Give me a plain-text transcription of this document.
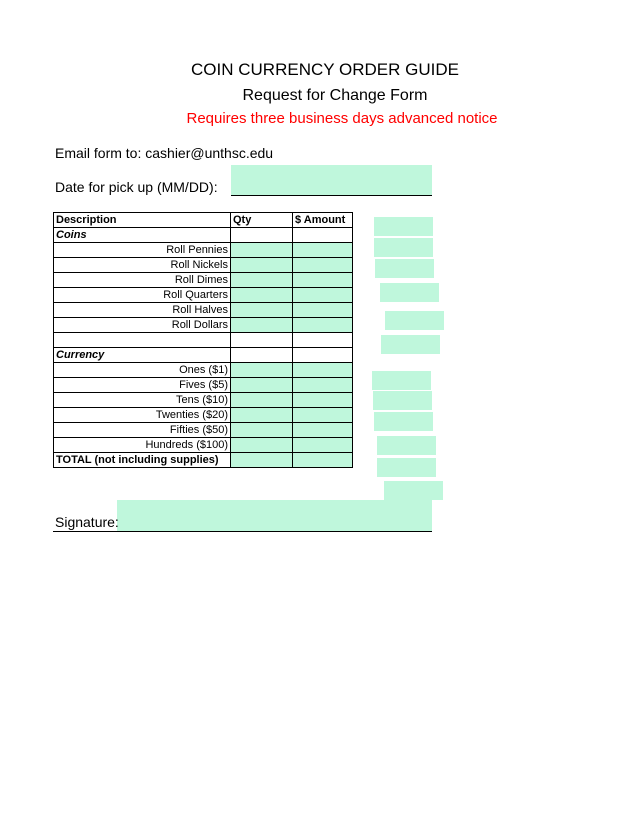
COIN CURRENCY ORDER GUIDE
Request for Change Form
Requires three business days advanced notice
Email form to: cashier@unthsc.edu
Date for pick up (MM/DD):
Description	Qty	$ Amount
Coins		
Roll Pennies		
Roll Nickels		
Roll Dimes		
Roll Quarters		
Roll Halves		
Roll Dollars		

Currency		
Ones ($1)		
Fives ($5)		
Tens ($10)		
Twenties ($20)		
Fifties ($50)		
Hundreds ($100)		
TOTAL (not including supplies)		
Signature:
